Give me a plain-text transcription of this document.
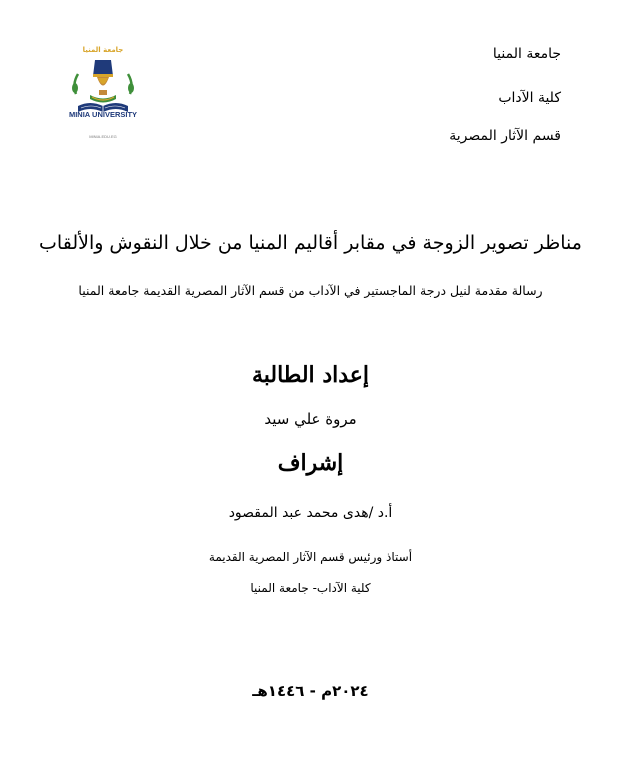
جامعة المنيا
كلية الآداب
قسم الآثار المصرية
جامعة المنيا
MINIA UNIVERSITY
MINIA.EDU.EG
مناظر تصوير الزوجة في مقابر أقاليم المنيا من خلال النقوش والألقاب
رسالة مقدمة لنيل درجة الماجستير في الآداب من قسم الآثار المصرية القديمة جامعة المنيا
إعداد الطالبة
مروة علي سيد
إشراف
أ.د /هدى محمد عبد المقصود
أستاذ ورئيس قسم الآثار المصرية القديمة
كلية الآداب- جامعة المنيا
٢٠٢٤م - ١٤٤٦هـ
